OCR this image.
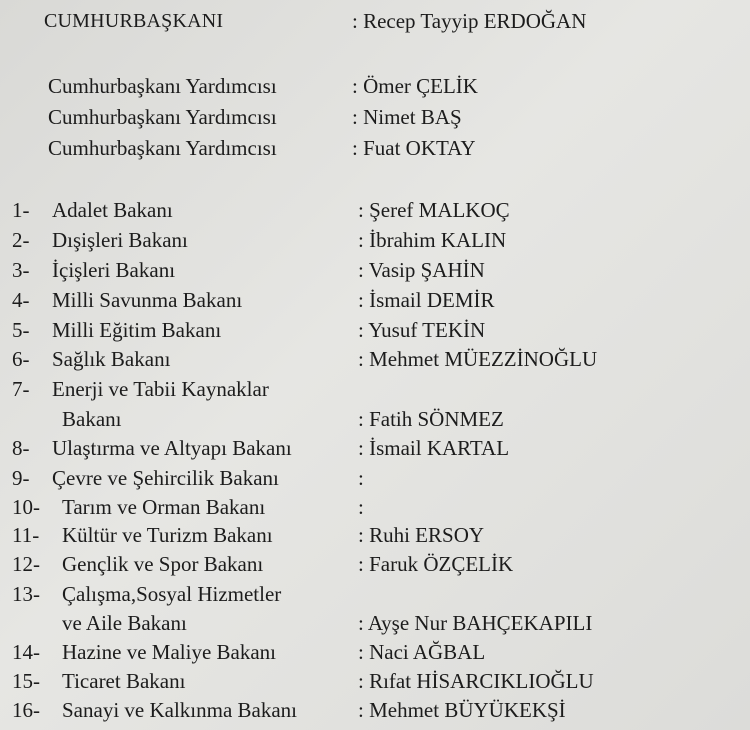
CUMHURBAŞKANI	: Recep Tayyip ERDOĞAN
Cumhurbaşkanı Yardımcısı	: Ömer ÇELİK
Cumhurbaşkanı Yardımcısı	: Nimet BAŞ
Cumhurbaşkanı Yardımcısı	: Fuat OKTAY
1- Adalet Bakanı	: Şeref MALKOÇ
2- Dışişleri Bakanı	: İbrahim KALIN
3- İçişleri Bakanı	: Vasip ŞAHİN
4- Milli Savunma Bakanı	: İsmail DEMİR
5- Milli Eğitim Bakanı	: Yusuf TEKİN
6- Sağlık Bakanı	: Mehmet MÜEZZİNOĞLU
7- Enerji ve Tabii Kaynaklar
Bakanı	: Fatih SÖNMEZ
8- Ulaştırma ve Altyapı Bakanı	: İsmail KARTAL
9- Çevre ve Şehircilik Bakanı	:
10- Tarım ve Orman Bakanı	:
11- Kültür ve Turizm Bakanı	: Ruhi ERSOY
12- Gençlik ve Spor Bakanı	: Faruk ÖZÇELİK
13- Çalışma,Sosyal Hizmetler
ve Aile Bakanı	: Ayşe Nur BAHÇEKAPILI
14- Hazine ve Maliye Bakanı	: Naci AĞBAL
15- Ticaret Bakanı	: Rıfat HİSARCIKLIOĞLU
16- Sanayi ve Kalkınma Bakanı	: Mehmet BÜYÜKEKŞİ
